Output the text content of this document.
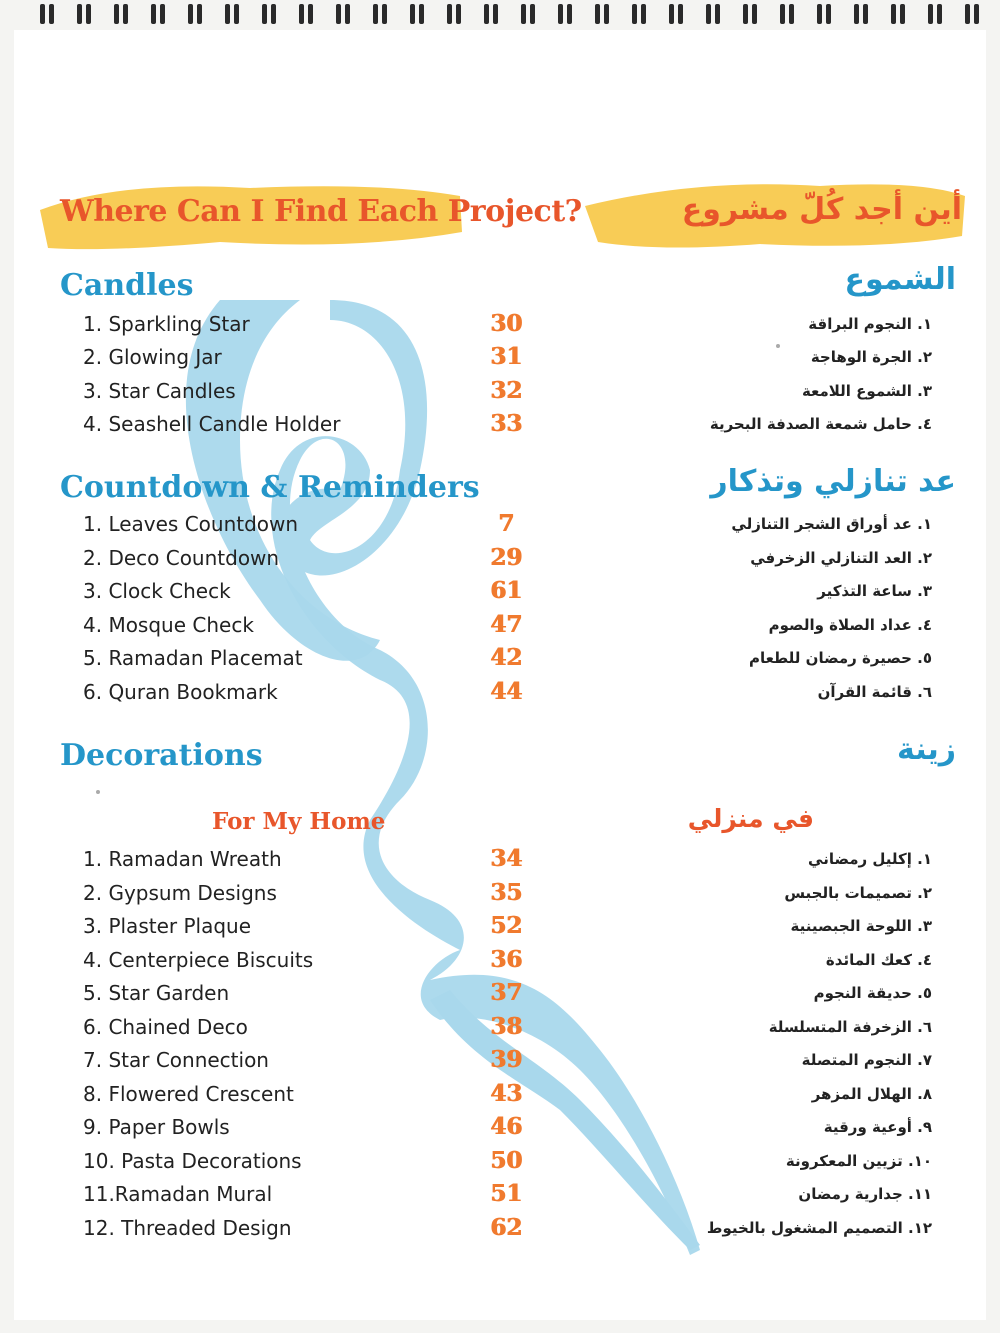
Where Can I Find Each Project?	أين أجد كُلّ مشروع
Candles	الشموع
1. Sparkling Star	30	١. النجوم البراقة
2. Glowing Jar	31	٢. الجرة الوهاجة
3. Star Candles	32	٣. الشموع اللامعة
4. Seashell Candle Holder	33	٤. حامل شمعة الصدفة البحرية
Countdown & Reminders	عد تنازلي وتذكار
1. Leaves Countdown	7	١. عد أوراق الشجر التنازلي
2. Deco Countdown	29	٢. العد التنازلي الزخرفي
3. Clock Check	61	٣. ساعة التذكير
4. Mosque Check	47	٤. عداد الصلاة والصوم
5. Ramadan Placemat	42	٥. حصيرة رمضان للطعام
6. Quran Bookmark	44	٦. قائمة القرآن
Decorations	زينة
For My Home	في منزلي
1. Ramadan Wreath	34	١. إكليل رمضاني
2. Gypsum Designs	35	٢. تصميمات بالجبس
3. Plaster Plaque	52	٣. اللوحة الجبصينية
4. Centerpiece Biscuits	36	٤. كعك المائدة
5. Star Garden	37	٥. حديقة النجوم
6. Chained Deco	38	٦. الزخرفة المتسلسلة
7. Star Connection	39	٧. النجوم المتصلة
8. Flowered Crescent	43	٨. الهلال المزهر
9. Paper Bowls	46	٩. أوعية ورقية
10. Pasta Decorations	50	١٠. تزيين المعكرونة
11.Ramadan Mural	51	١١. جدارية رمضان
12. Threaded Design	62	١٢. التصميم المشغول بالخيوط
